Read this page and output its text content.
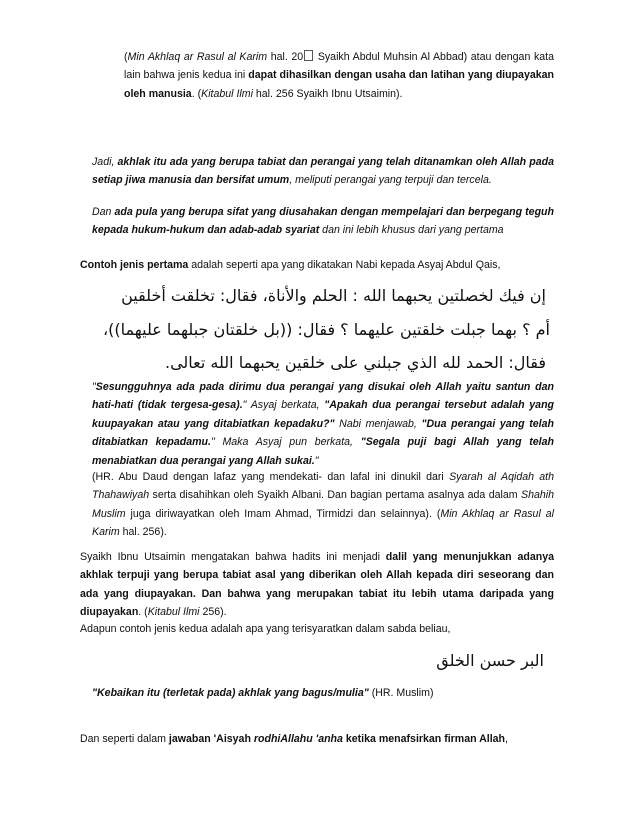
(Min Akhlaq ar Rasul al Karim hal. 20 Syaikh Abdul Muhsin Al Abbad) atau dengan kata lain bahwa jenis kedua ini dapat dihasilkan dengan usaha dan latihan yang diupayakan oleh manusia. (Kitabul Ilmi hal. 256 Syaikh Ibnu Utsaimin).
Jadi, akhlak itu ada yang berupa tabiat dan perangai yang telah ditanamkan oleh Allah pada setiap jiwa manusia dan bersifat umum, meliputi perangai yang terpuji dan tercela.
Dan ada pula yang berupa sifat yang diusahakan dengan mempelajari dan berpegang teguh kepada hukum-hukum dan adab-adab syariat dan ini lebih khusus dari yang pertama
Contoh jenis pertama adalah seperti apa yang dikatakan Nabi kepada Asyaj Abdul Qais,
إن فيك لخصلتين يحبهما الله : الحلم والأناة، فقال: تخلقت أخلقين
أم ؟ بهما جبلت خلقتين عليهما ؟ فقال: ((بل خلقتان جبلهما عليهما))،
فقال: الحمد لله الذي جبلني على خلقين يحبهما الله تعالى.
"Sesungguhnya ada pada dirimu dua perangai yang disukai oleh Allah yaitu santun dan hati-hati (tidak tergesa-gesa)." Asyaj berkata, "Apakah dua perangai tersebut adalah yang kuupayakan atau yang ditabiatkan kepadaku?" Nabi menjawab, "Dua perangai yang telah ditabiatkan kepadamu." Maka Asyaj pun berkata, "Segala puji bagi Allah yang telah menabiatkan dua perangai yang Allah sukai."
(HR. Abu Daud dengan lafaz yang mendekati- dan lafal ini dinukil dari Syarah al Aqidah ath Thahawiyah serta disahihkan oleh Syaikh Albani. Dan bagian pertama asalnya ada dalam Shahih Muslim juga diriwayatkan oleh Imam Ahmad, Tirmidzi dan selainnya). (Min Akhlaq ar Rasul al Karim hal. 256).
Syaikh Ibnu Utsaimin mengatakan bahwa hadits ini menjadi dalil yang menunjukkan adanya akhlak terpuji yang berupa tabiat asal yang diberikan oleh Allah kepada diri seseorang dan ada yang diupayakan. Dan bahwa yang merupakan tabiat itu lebih utama daripada yang diupayakan. (Kitabul Ilmi 256).
Adapun contoh jenis kedua adalah apa yang terisyaratkan dalam sabda beliau,
البر حسن الخلق
"Kebaikan itu (terletak pada) akhlak yang bagus/mulia" (HR. Muslim)
Dan seperti dalam jawaban 'Aisyah rodhiAllahu 'anha ketika menafsirkan firman Allah,
